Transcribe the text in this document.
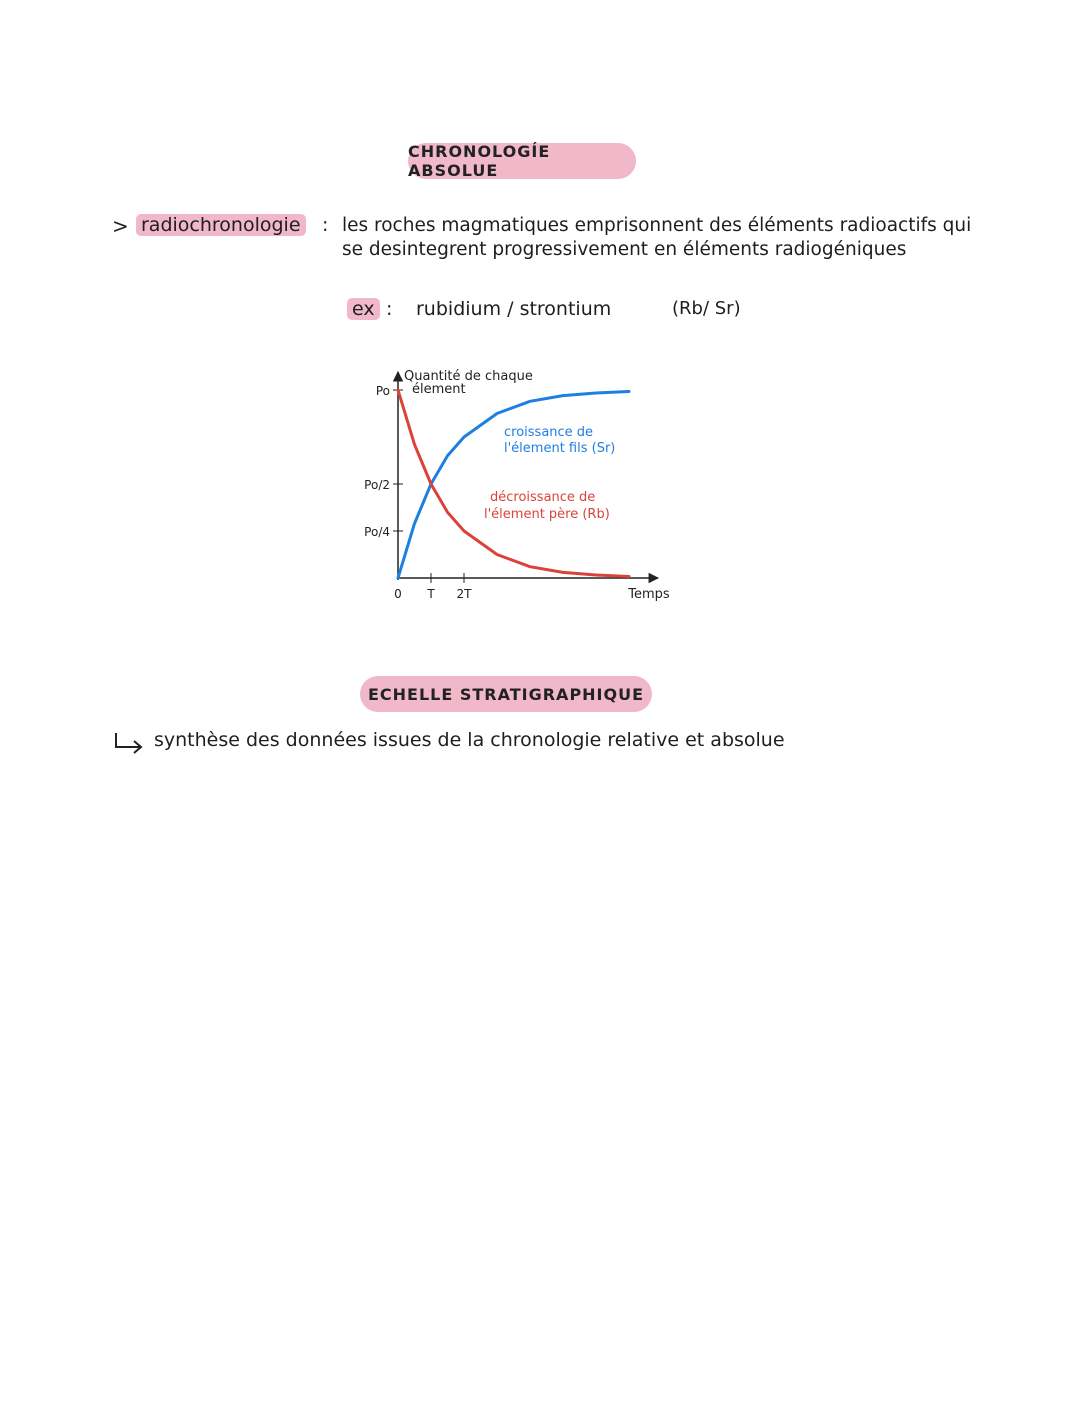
CHRONOLOGÍE ABSOLUE
> radiochronologie : les roches magmatiques emprisonnent des éléments radioactifs qui se desintegrent progressivement en éléments radiogéniques
ex : rubidium / strontium	(Rb/ Sr)
Quantité de chaque
élement
Po
Po/2
Po/4
0 T 2T	Temps
croissance de
l'élement fils (Sr)
décroissance de
l'élement père (Rb)
ECHELLE STRATIGRAPHIQUE
synthèse des données issues de la chronologie relative et absolue
